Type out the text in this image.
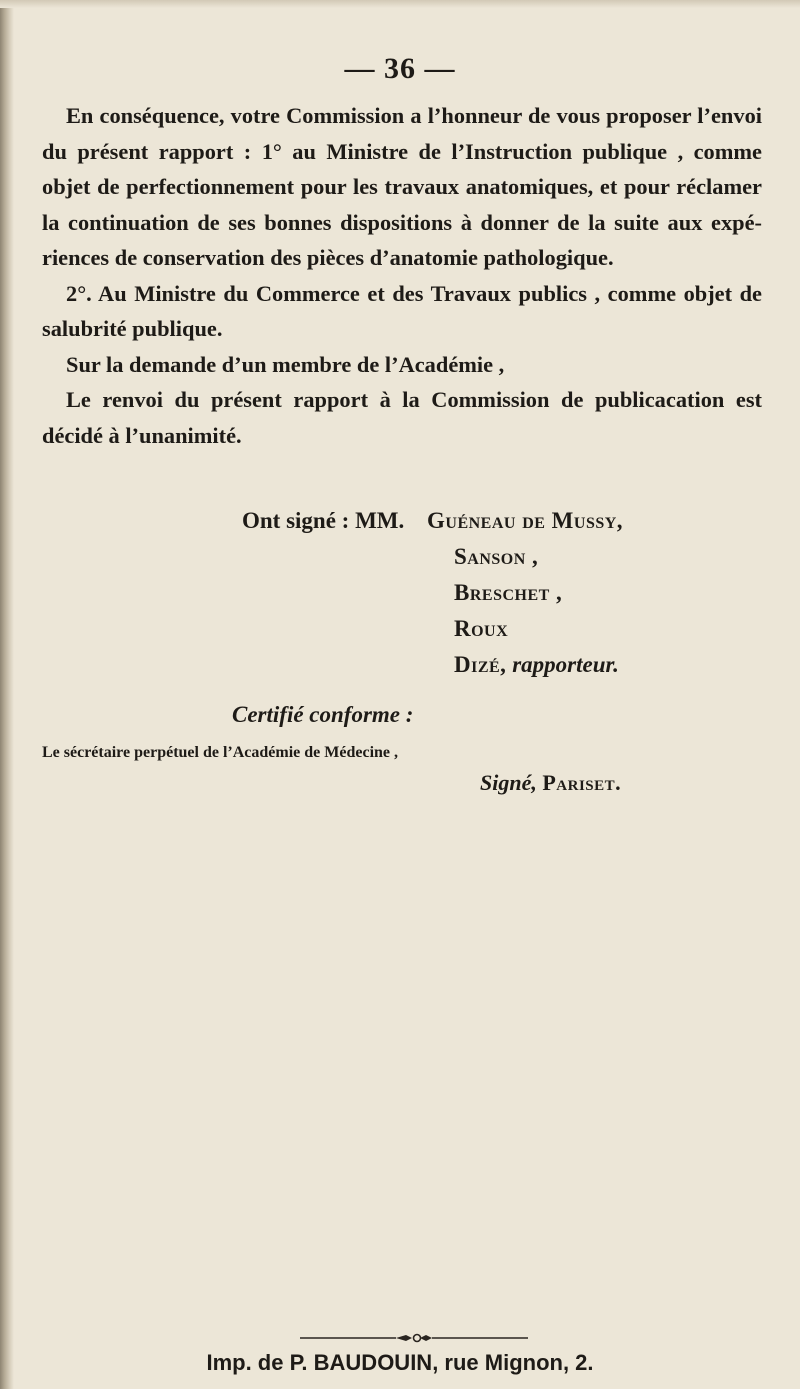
— 36 —

En conséquence, votre Commission a l’honneur de vous proposer l’envoi du présent rapport : 1° au Ministre de l’Instruction publique , comme objet de perfectionnement pour les travaux anatomiques, et pour réclamer la continuation de ses bonnes dispositions à donner de la suite aux expériences de conservation des pièces d’anatomie pathologique.

2°. Au Ministre du Commerce et des Travaux publics , comme objet de salubrité publique.

Sur la demande d’un membre de l’Académie ,

Le renvoi du présent rapport à la Commission de publicacation est décidé à l’unanimité.

Ont signé : MM. Guéneau de Mussy,
Sanson ,
Breschet ,
Roux
Dizé, rapporteur.
Certifié conforme :
Le sécrétaire perpétuel de l’Académie de Médecine ,
Signé, Pariset.
Imp. de P. BAUDOUIN, rue Mignon, 2.
